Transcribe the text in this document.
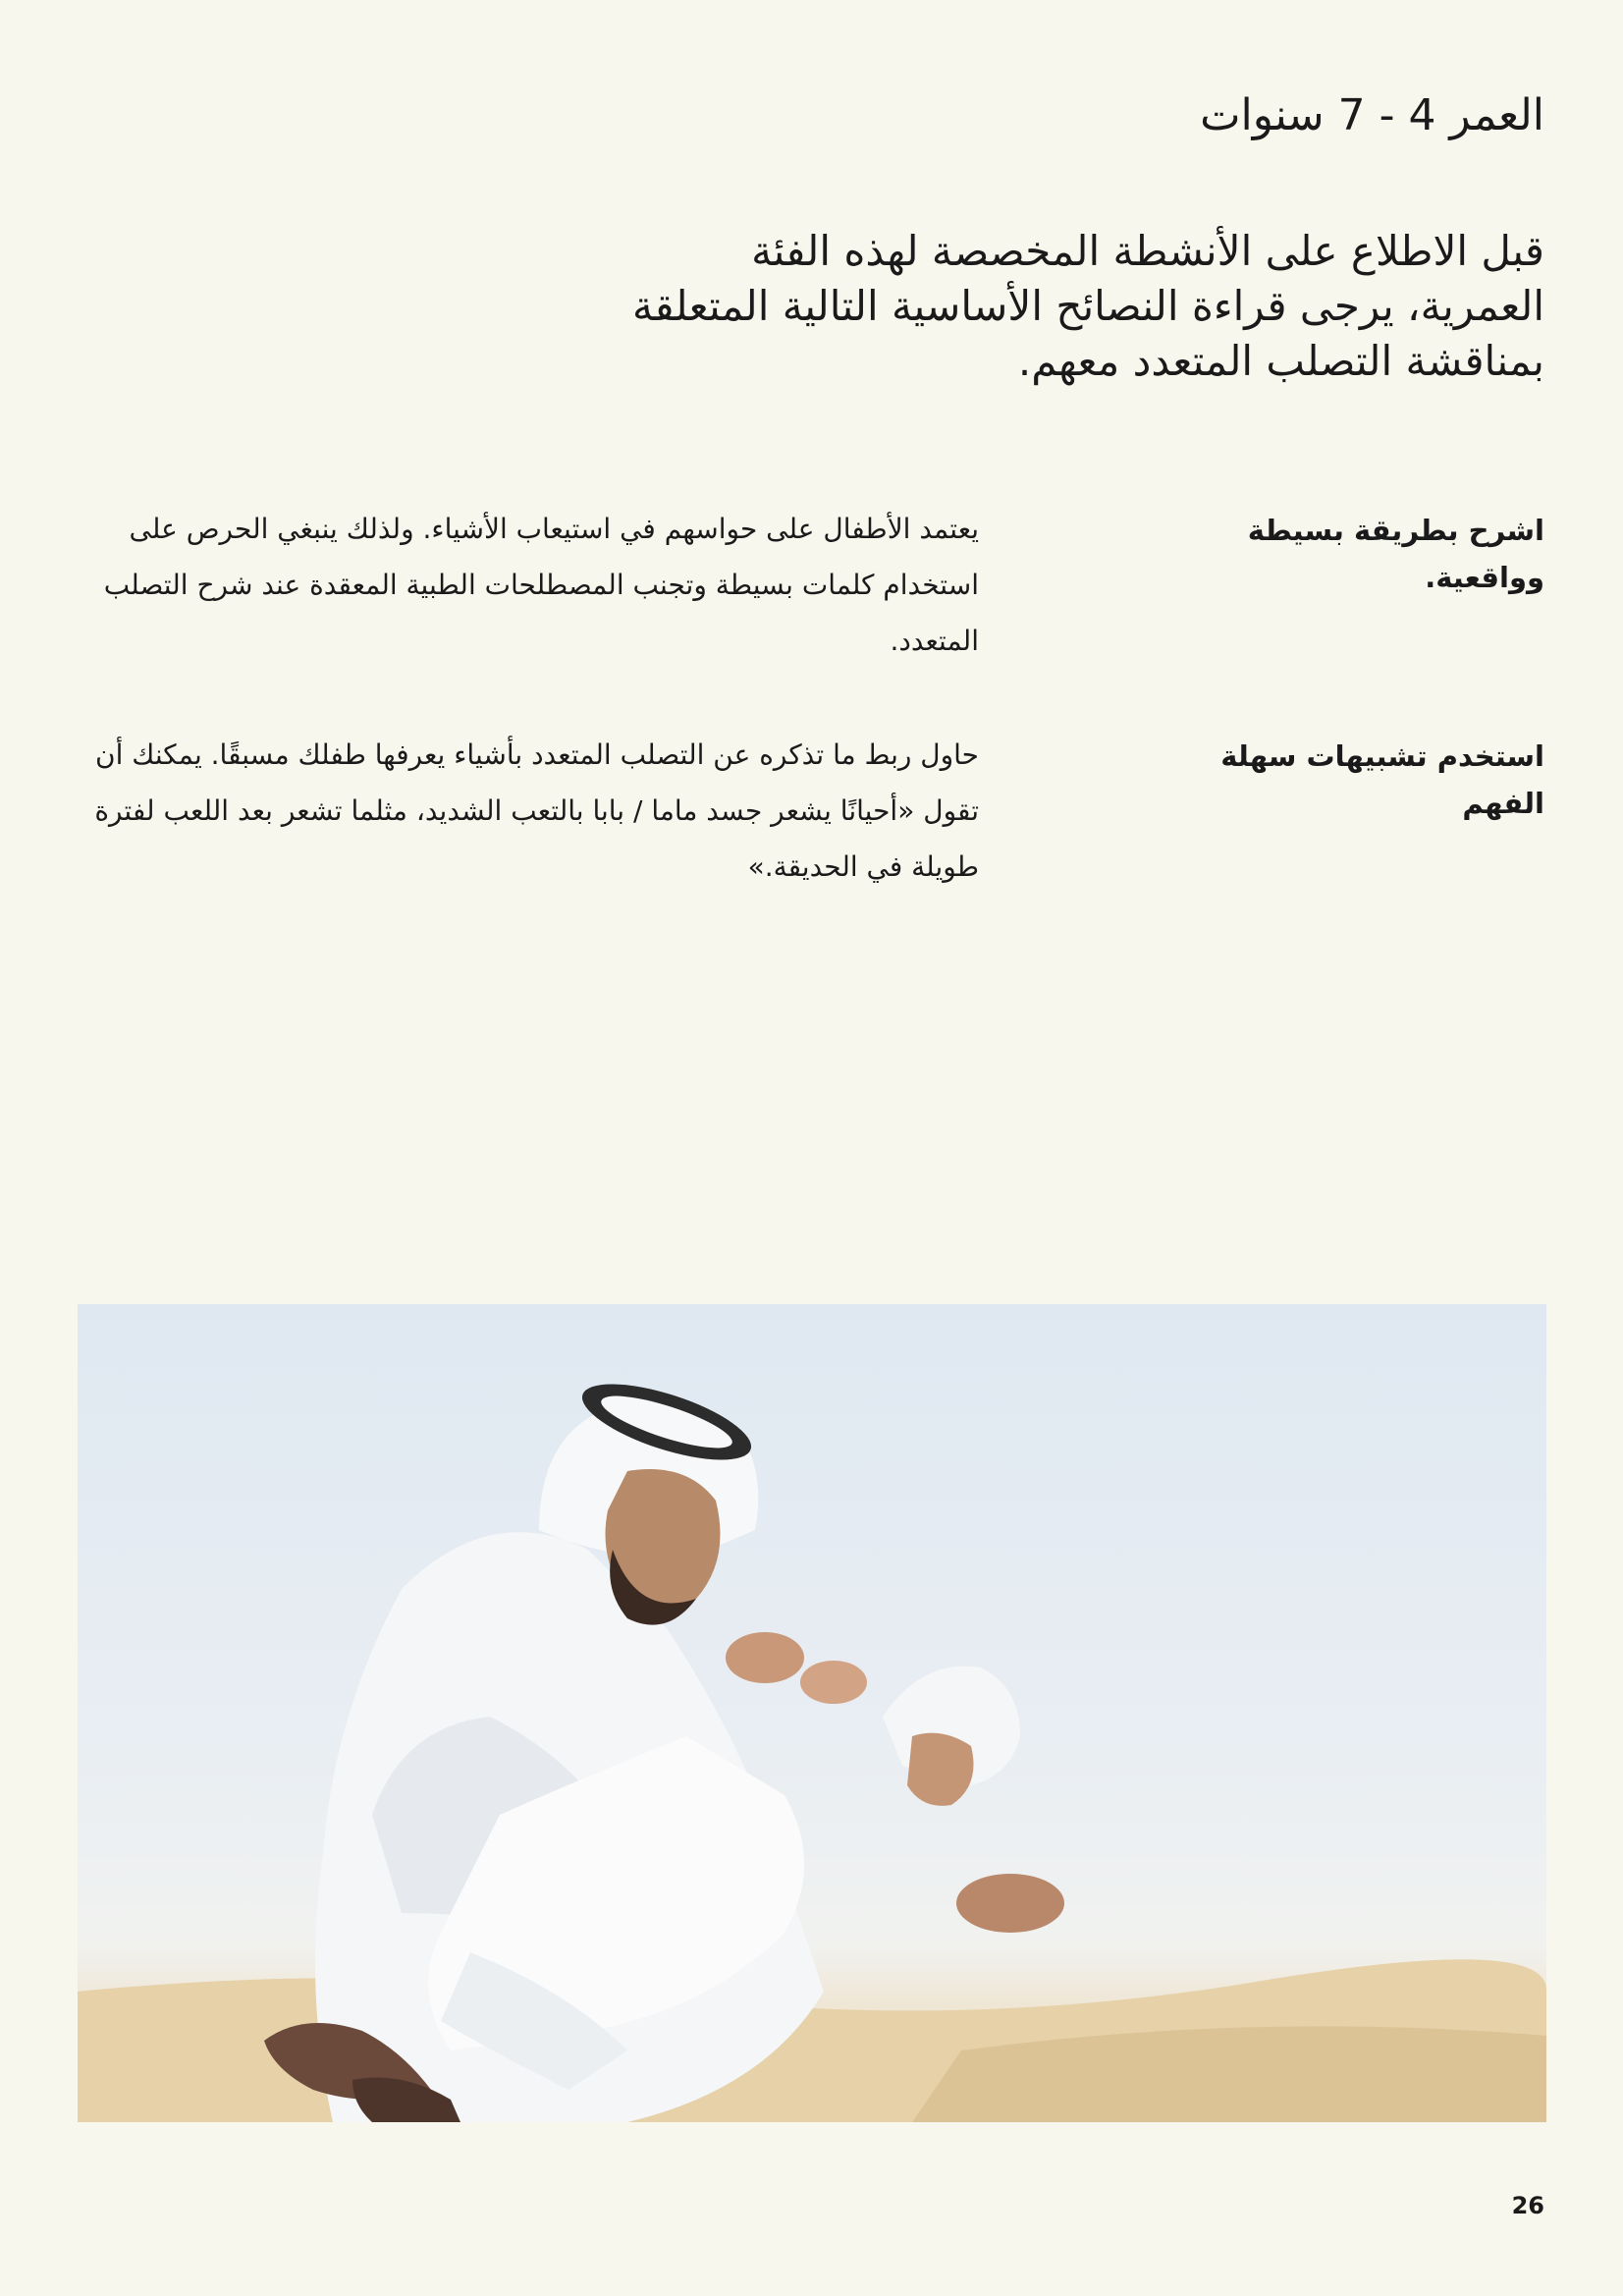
العمر 4 - 7 سنوات

قبل الاطلاع على الأنشطة المخصصة لهذه الفئة العمرية، يرجى قراءة النصائح الأساسية التالية المتعلقة بمناقشة التصلب المتعدد معهم.

اشرح بطريقة بسيطة وواقعية.

يعتمد الأطفال على حواسهم في استيعاب الأشياء. ولذلك ينبغي الحرص على استخدام كلمات بسيطة وتجنب المصطلحات الطبية المعقدة عند شرح التصلب المتعدد.

استخدم تشبيهات سهلة الفهم

حاول ربط ما تذكره عن التصلب المتعدد بأشياء يعرفها طفلك مسبقًا. يمكنك أن تقول «أحيانًا يشعر جسد ماما / بابا بالتعب الشديد، مثلما تشعر بعد اللعب لفترة طويلة في الحديقة.»

26
